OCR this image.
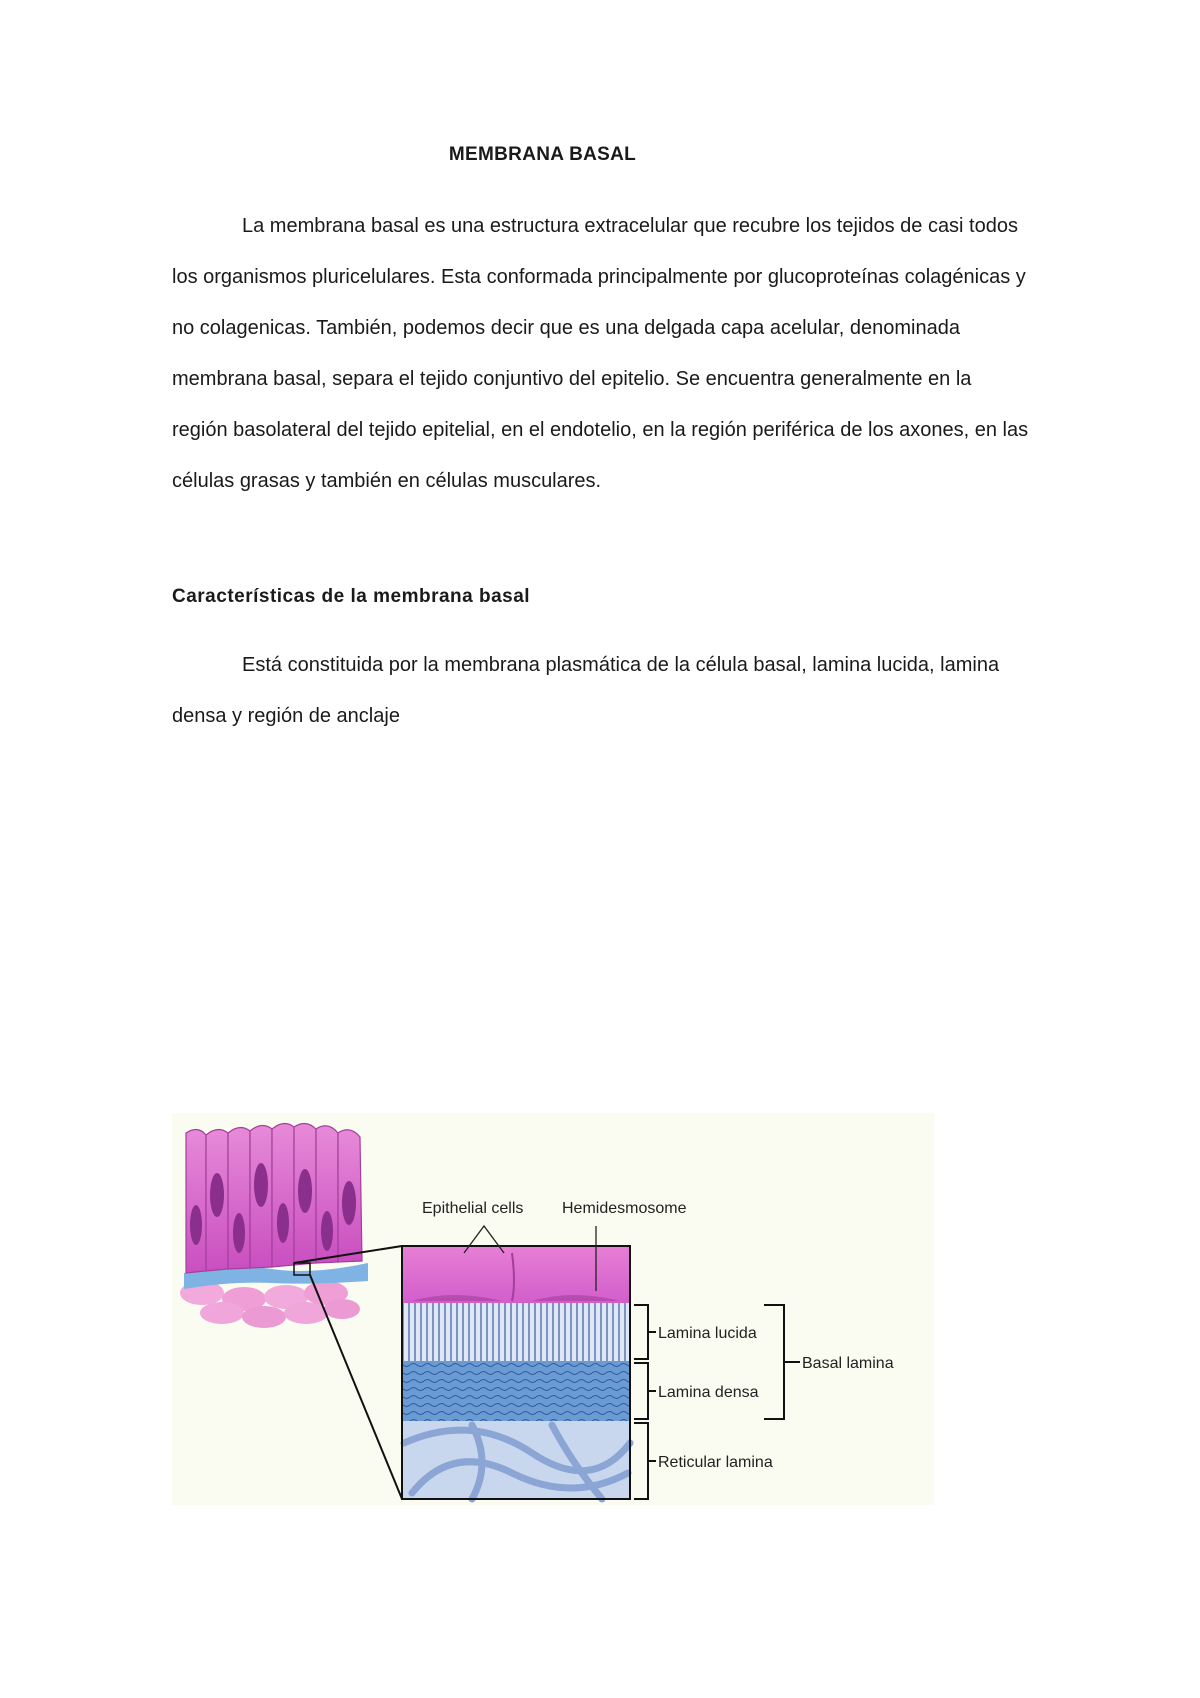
MEMBRANA BASAL

La membrana basal es una estructura extracelular que recubre los tejidos de casi todos los organismos pluricelulares. Esta conformada principalmente por glucoproteínas colagénicas y no colagenicas. También, podemos decir que es una delgada capa acelular, denominada membrana basal, separa el tejido conjuntivo del epitelio. Se encuentra generalmente en la región basolateral del tejido epitelial, en el endotelio, en la región periférica de los axones, en las células grasas y también en células musculares.

Características de la membrana basal

Está constituida por la membrana plasmática de la célula basal, lamina lucida, lamina densa y región de anclaje

Epithelial cells Hemidesmosome
Lamina lucida
Lamina densa
Basal lamina
Reticular lamina
